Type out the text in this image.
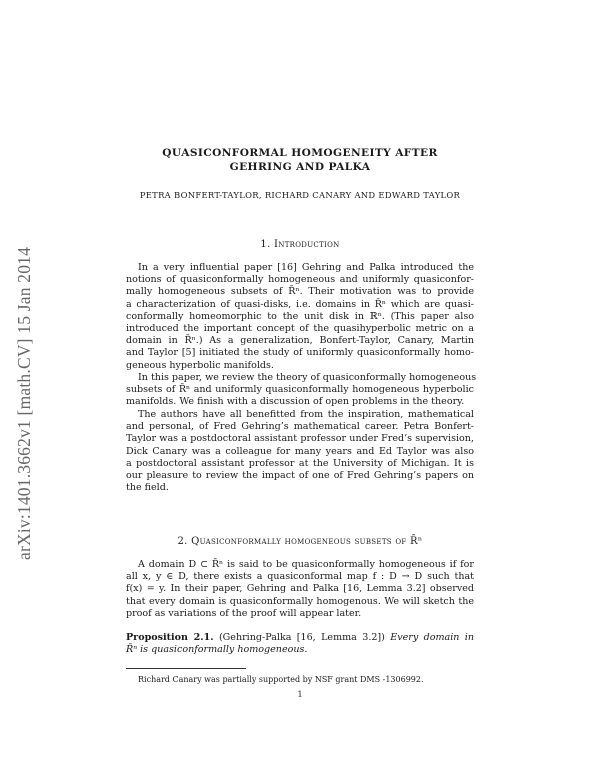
arXiv:1401.3662v1 [math.CV] 15 Jan 2014
QUASICONFORMAL HOMOGENEITY AFTER
GEHRING AND PALKA
PETRA BONFERT-TAYLOR, RICHARD CANARY AND EDWARD TAYLOR
1. Introduction
In a very influential paper [16] Gehring and Palka introduced the
notions of quasiconformally homogeneous and uniformly quasiconfor-
mally homogeneous subsets of R̄ⁿ. Their motivation was to provide
a characterization of quasi-disks, i.e. domains in R̄ⁿ which are quasi-
conformally homeomorphic to the unit disk in ℝⁿ. (This paper also
introduced the important concept of the quasihyperbolic metric on a
domain in R̄ⁿ.) As a generalization, Bonfert-Taylor, Canary, Martin
and Taylor [5] initiated the study of uniformly quasiconformally homo-
geneous hyperbolic manifolds.
In this paper, we review the theory of quasiconformally homogeneous
subsets of R̄ⁿ and uniformly quasiconformally homogeneous hyperbolic
manifolds. We finish with a discussion of open problems in the theory.
The authors have all benefitted from the inspiration, mathematical
and personal, of Fred Gehring’s mathematical career. Petra Bonfert-
Taylor was a postdoctoral assistant professor under Fred’s supervision,
Dick Canary was a colleague for many years and Ed Taylor was also
a postdoctoral assistant professor at the University of Michigan. It is
our pleasure to review the impact of one of Fred Gehring’s papers on
the field.
2. Quasiconformally homogeneous subsets of R̄ⁿ
A domain D ⊂ R̄ⁿ is said to be quasiconformally homogeneous if for
all x, y ∈ D, there exists a quasiconformal map f : D → D such that
f(x) = y. In their paper, Gehring and Palka [16, Lemma 3.2] observed
that every domain is quasiconformally homogenous. We will sketch the
proof as variations of the proof will appear later.
Proposition 2.1. (Gehring-Palka [16, Lemma 3.2]) Every domain in
R̄ⁿ is quasiconformally homogeneous.
Richard Canary was partially supported by NSF grant DMS -1306992.
1
